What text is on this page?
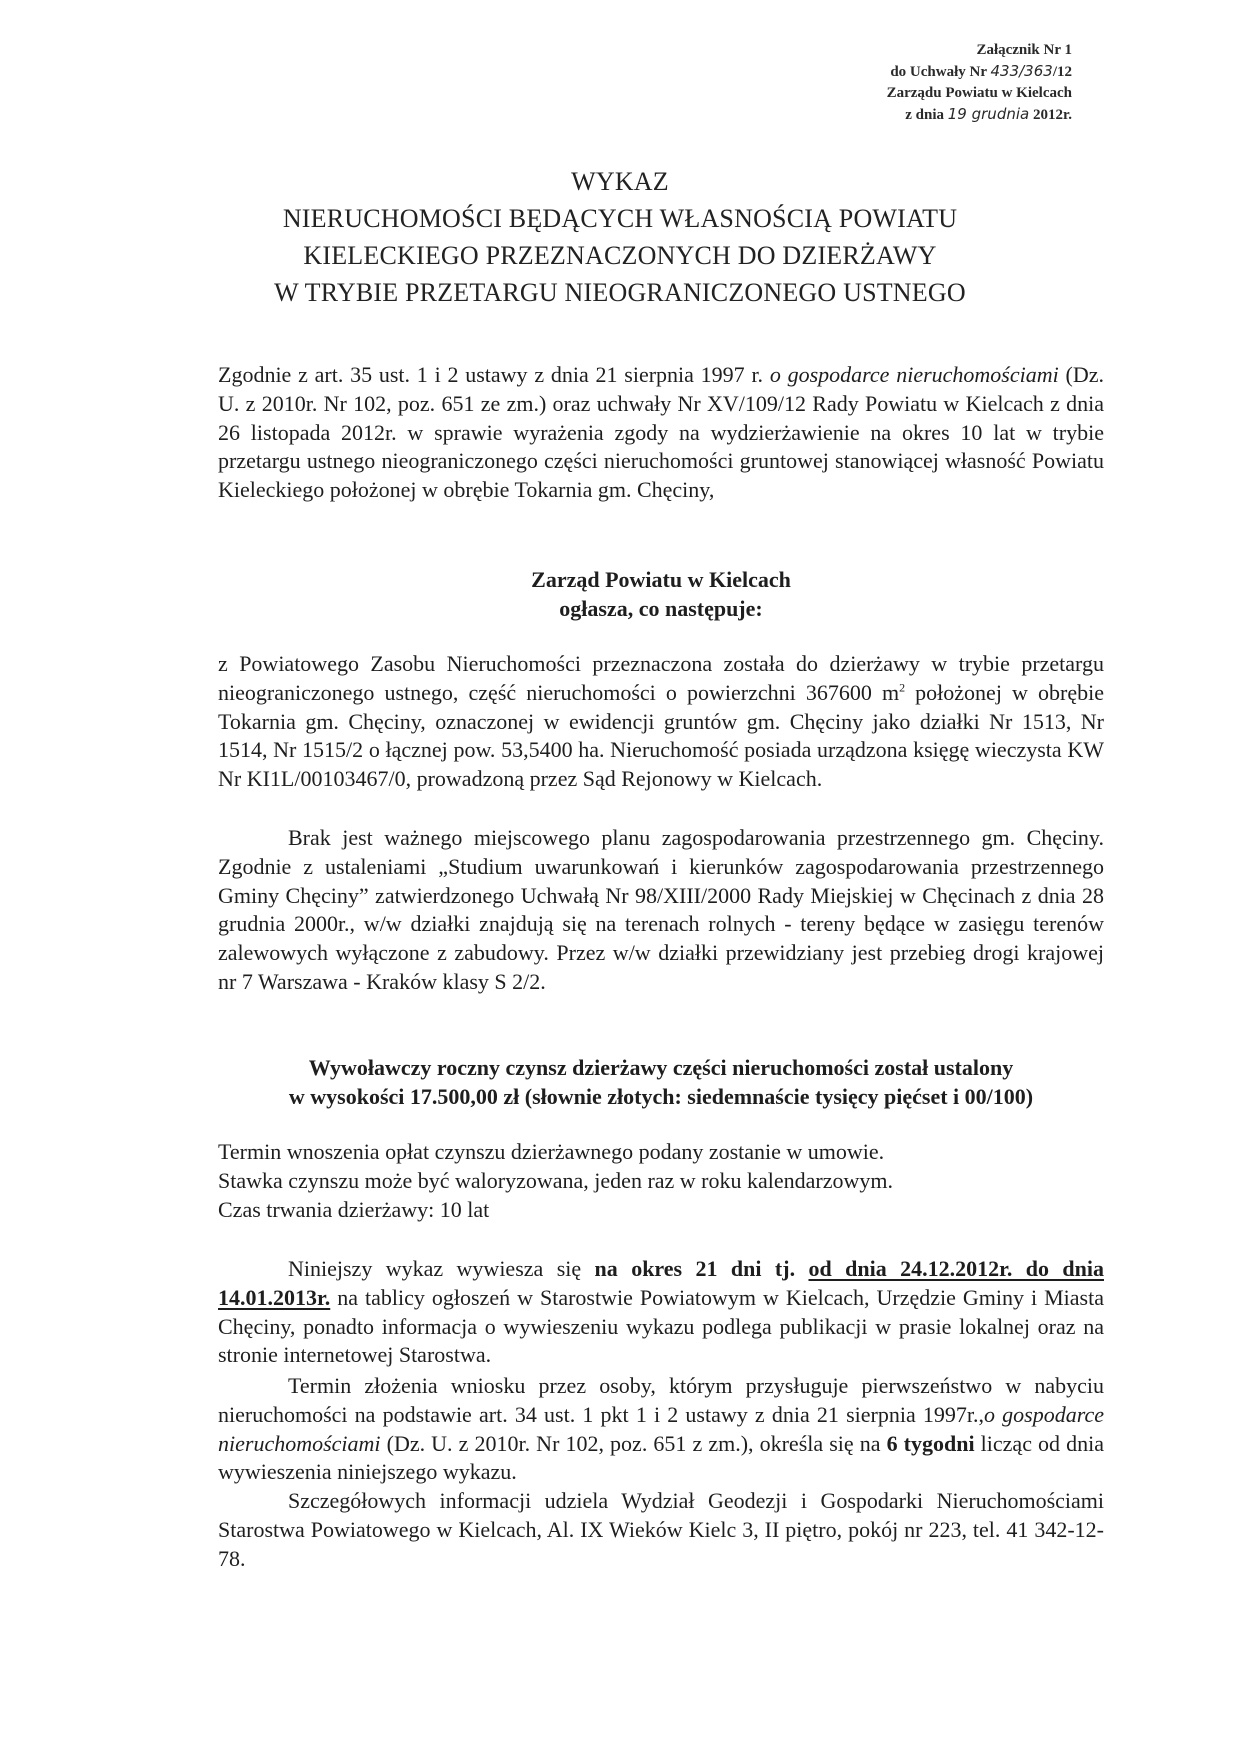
Załącznik Nr 1
do Uchwały Nr 433/363/12
Zarządu Powiatu w Kielcach
z dnia 19 grudnia 2012r.
WYKAZ
NIERUCHOMOŚCI BĘDĄCYCH WŁASNOŚCIĄ POWIATU
KIELECKIEGO PRZEZNACZONYCH DO DZIERŻAWY
W TRYBIE PRZETARGU NIEOGRANICZONEGO USTNEGO
Zgodnie z art. 35 ust. 1 i 2 ustawy z dnia 21 sierpnia 1997 r. o gospodarce nieruchomościami (Dz. U. z 2010r. Nr 102, poz. 651 ze zm.) oraz uchwały Nr XV/109/12 Rady Powiatu w Kielcach z dnia 26 listopada 2012r. w sprawie wyrażenia zgody na wydzierżawienie na okres 10 lat w trybie przetargu ustnego nieograniczonego części nieruchomości gruntowej stanowiącej własność Powiatu Kieleckiego położonej w obrębie Tokarnia gm. Chęciny,
Zarząd Powiatu w Kielcach
ogłasza, co następuje:
z Powiatowego Zasobu Nieruchomości przeznaczona została do dzierżawy w trybie przetargu nieograniczonego ustnego, część nieruchomości o powierzchni 367600 $m^2$ położonej w obrębie Tokarnia gm. Chęciny, oznaczonej w ewidencji gruntów gm. Chęciny jako działki Nr 1513, Nr 1514, Nr 1515/2 o łącznej pow. 53,5400 ha. Nieruchomość posiada urządzona księgę wieczysta KW Nr KI1L/00103467/0, prowadzoną przez Sąd Rejonowy w Kielcach.
Brak jest ważnego miejscowego planu zagospodarowania przestrzennego gm. Chęciny. Zgodnie z ustaleniami „Studium uwarunkowań i kierunków zagospodarowania przestrzennego Gminy Chęciny” zatwierdzonego Uchwałą Nr 98/XIII/2000 Rady Miejskiej w Chęcinach z dnia 28 grudnia 2000r., w/w działki znajdują się na terenach rolnych - tereny będące w zasięgu terenów zalewowych wyłączone z zabudowy. Przez w/w działki przewidziany jest przebieg drogi krajowej nr 7 Warszawa - Kraków klasy S 2/2.
Wywoławczy roczny czynsz dzierżawy części nieruchomości został ustalony
w wysokości 17.500,00 zł (słownie złotych: siedemnaście tysięcy pięćset i 00/100)
Termin wnoszenia opłat czynszu dzierżawnego podany zostanie w umowie.
Stawka czynszu może być waloryzowana, jeden raz w roku kalendarzowym.
Czas trwania dzierżawy: 10 lat
Niniejszy wykaz wywiesza się na okres 21 dni tj. od dnia 24.12.2012r. do dnia 14.01.2013r. na tablicy ogłoszeń w Starostwie Powiatowym w Kielcach, Urzędzie Gminy i Miasta Chęciny, ponadto informacja o wywieszeniu wykazu podlega publikacji w prasie lokalnej oraz na stronie internetowej Starostwa.
Termin złożenia wniosku przez osoby, którym przysługuje pierwszeństwo w nabyciu nieruchomości na podstawie art. 34 ust. 1 pkt 1 i 2 ustawy z dnia 21 sierpnia 1997r.,o gospodarce nieruchomościami (Dz. U. z 2010r. Nr 102, poz. 651 z zm.), określa się na 6 tygodni licząc od dnia wywieszenia niniejszego wykazu.
Szczegółowych informacji udziela Wydział Geodezji i Gospodarki Nieruchomościami Starostwa Powiatowego w Kielcach, Al. IX Wieków Kielc 3, II piętro, pokój nr 223, tel. 41 342-12-78.
